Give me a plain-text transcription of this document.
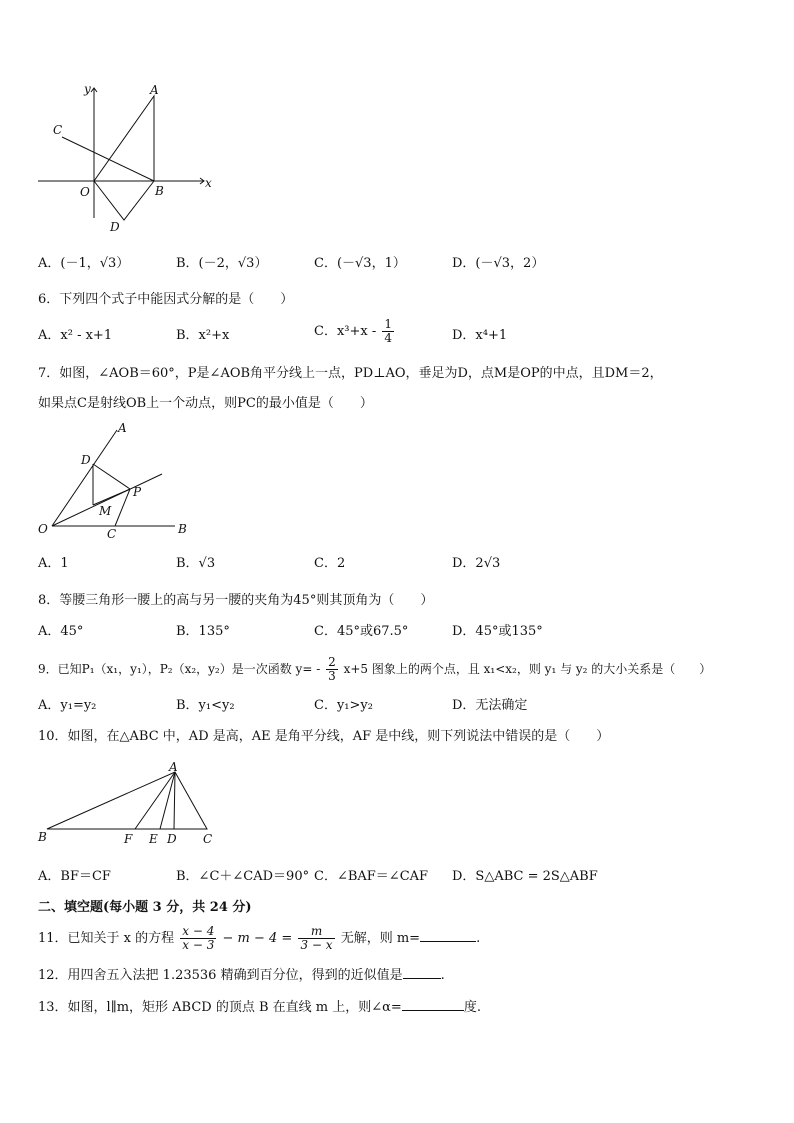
y	A
C
O	B
x
D
A．(－1，√3）	B．(－2，√3）	C．(－√3，1）	D．(－√3，2）
6．下列四个式子中能因式分解的是（　　）
A．x² - x+1	B．x²+x	C．$x^3+x - \frac{1}{4}$	D．x⁴+1
7．如图，∠AOB＝60°，P是∠AOB角平分线上一点，PD⊥AO，垂足为D，点M是OP的中点，且DM＝2，
如果点C是射线OB上一个动点，则PC的最小值是（　　）
A
D
P
M
O	C	B
A．1	B．√3	C．2	D．2√3
8．等腰三角形一腰上的高与另一腰的夹角为45°则其顶角为（　　）
A．45°	B．135°	C．45°或67.5°	D．45°或135°
9．已知P₁（x₁，y₁），P₂（x₂，y₂）是一次函数 $y= - \frac{2}{3} x+5$ 图象上的两个点，且 x₁<x₂，则 y₁ 与 y₂ 的大小关系是（　　）
A．y₁=y₂	B．y₁<y₂	C．y₁>y₂	D．无法确定
10．如图，在△ABC 中，AD 是高，AE 是角平分线，AF 是中线，则下列说法中错误的是（　　）
A
B	F E D C
A．BF＝CF	B．∠C＋∠CAD＝90° C．∠BAF＝∠CAF D．S△ABC = 2S△ABF
二、填空题(每小题 3 分，共 24 分)
11．已知关于 x 的方程 $\frac{x - 4}{x - 3} - m - 4 = \frac{m}{3 - x}$ 无解，则 m=	.
12．用四舍五入法把 1.23536 精确到百分位，得到的近似值是	.
13．如图，l∥m，矩形 ABCD 的顶点 B 在直线 m 上，则∠α=	度.
